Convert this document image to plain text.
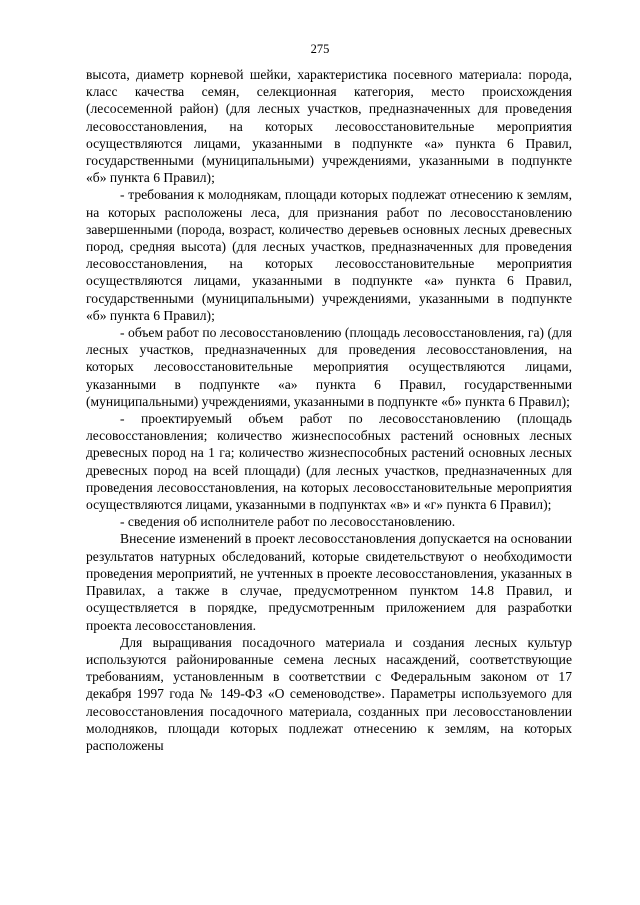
275

высота, диаметр корневой шейки, характеристика посевного материала: порода, класс качества семян, селекционная категория, место происхождения (лесосеменной район) (для лесных участков, предназначенных для проведения лесовосстановления, на которых лесовосстановительные мероприятия осуществляются лицами, указанными в подпункте «а» пункта 6 Правил, государственными (муниципальными) учреждениями, указанными в подпункте «б» пункта 6 Правил);

- требования к молоднякам, площади которых подлежат отнесению к землям, на которых расположены леса, для признания работ по лесовосстановлению завершенными (порода, возраст, количество деревьев основных лесных древесных пород, средняя высота) (для лесных участков, предназначенных для проведения лесовосстановления, на которых лесовосстановительные мероприятия осуществляются лицами, указанными в подпункте «а» пункта 6 Правил, государственными (муниципальными) учреждениями, указанными в подпункте «б» пункта 6 Правил);

- объем работ по лесовосстановлению (площадь лесовосстановления, га) (для лесных участков, предназначенных для проведения лесовосстановления, на которых лесовосстановительные мероприятия осуществляются лицами, указанными в подпункте «а» пункта 6 Правил, государственными (муниципальными) учреждениями, указанными в подпункте «б» пункта 6 Правил);

- проектируемый объем работ по лесовосстановлению (площадь лесовосстановления; количество жизнеспособных растений основных лесных древесных пород на 1 га; количество жизнеспособных растений основных лесных древесных пород на всей площади) (для лесных участков, предназначенных для проведения лесовосстановления, на которых лесовосстановительные мероприятия осуществляются лицами, указанными в подпунктах «в» и «г» пункта 6 Правил);

- сведения об исполнителе работ по лесовосстановлению.

Внесение изменений в проект лесовосстановления допускается на основании результатов натурных обследований, которые свидетельствуют о необходимости проведения мероприятий, не учтенных в проекте лесовосстановления, указанных в Правилах, а также в случае, предусмотренном пунктом 14.8 Правил, и осуществляется в порядке, предусмотренным приложением для разработки проекта лесовосстановления.

Для выращивания посадочного материала и создания лесных культур используются районированные семена лесных насаждений, соответствующие требованиям, установленным в соответствии с Федеральным законом от 17 декабря 1997 года № 149-ФЗ «О семеноводстве». Параметры используемого для лесовосстановления посадочного материала, созданных при лесовосстановлении молодняков, площади которых подлежат отнесению к землям, на которых расположены
